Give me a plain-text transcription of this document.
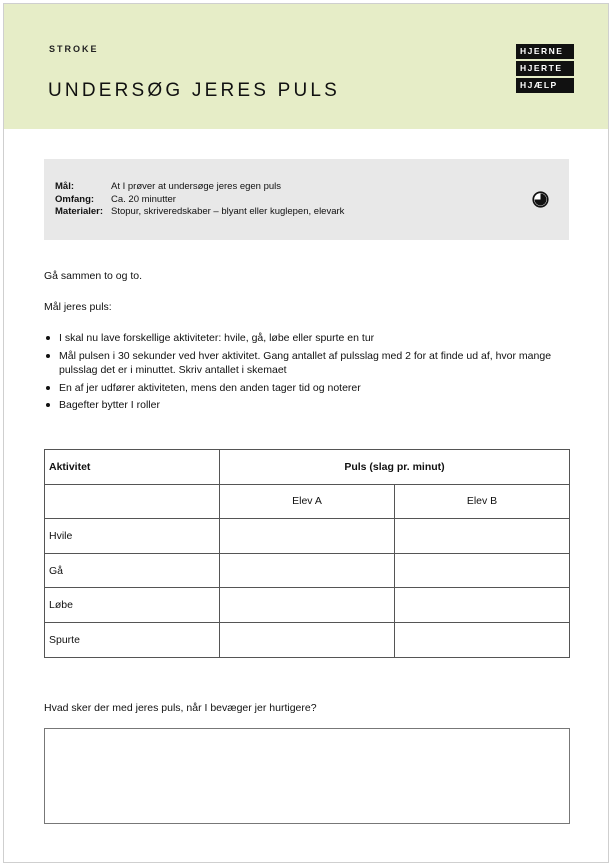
STROKE
UNDERSØG JERES PULS
HJERNE
HJERTE
HJÆLP
Mål:	At I prøver at undersøge jeres egen puls
Omfang:	Ca. 20 minutter
Materialer:	Stopur, skriveredskaber – blyant eller kuglepen, elevark

Gå sammen to og to.

Mål jeres puls:

I skal nu lave forskellige aktiviteter: hvile, gå, løbe eller spurte en tur
Mål pulsen i 30 sekunder ved hver aktivitet. Gang antallet af pulsslag med 2 for at finde ud af, hvor mange pulsslag det er i minuttet. Skriv antallet i skemaet
En af jer udfører aktiviteten, mens den anden tager tid og noterer
Bagefter bytter I roller
Aktivitet	Puls (slag pr. minut)	
	Elev A	Elev B
Hvile		
Gå		
Løbe		
Spurte		

Hvad sker der med jeres puls, når I bevæger jer hurtigere?
